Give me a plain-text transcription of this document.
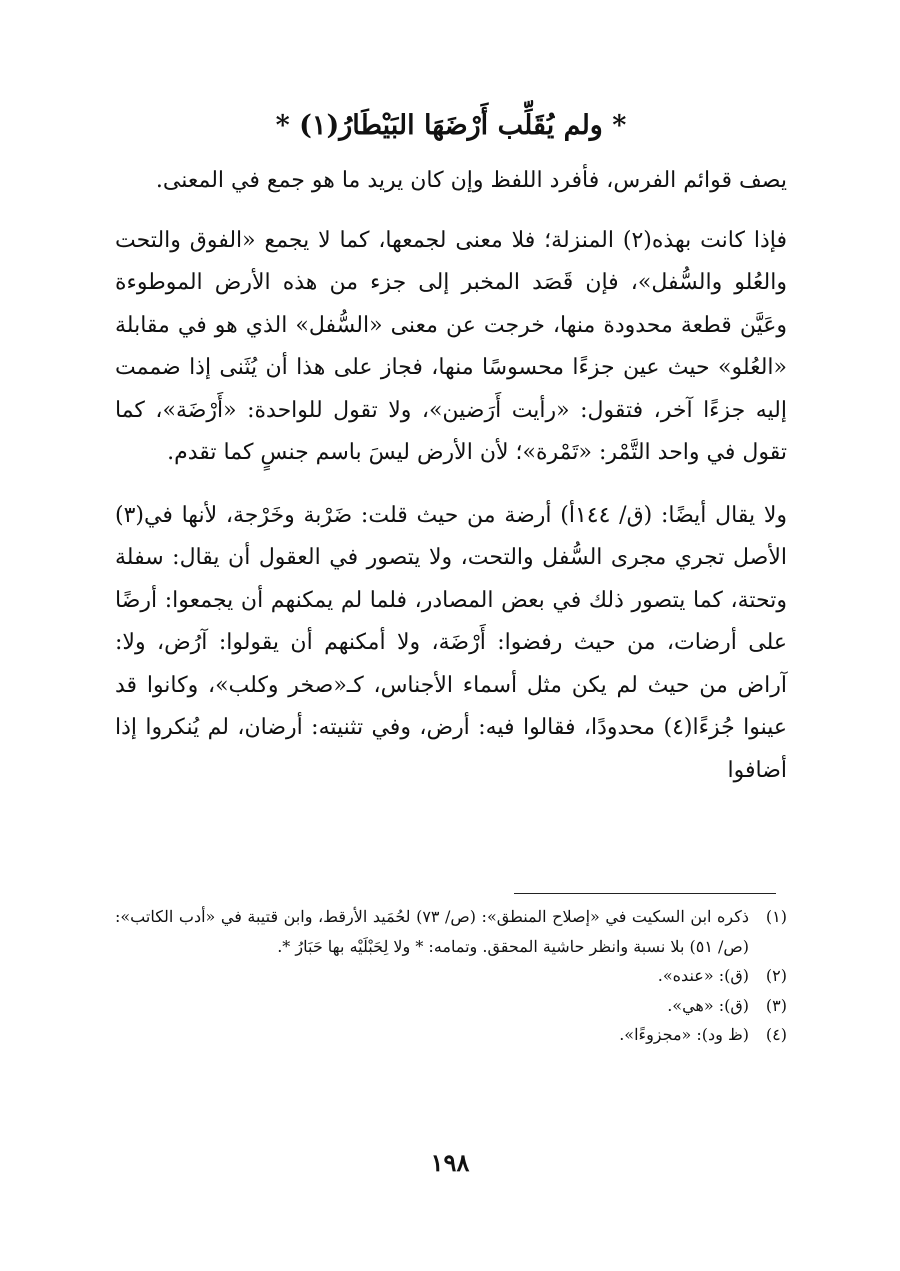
* ولم يُقَلِّب أَرْضَهَا البَيْطَارُ(١) *

يصف قوائم الفرس، فأفرد اللفظ وإن كان يريد ما هو جمع في المعنى.

فإذا كانت بهذه(٢) المنزلة؛ فلا معنى لجمعها، كما لا يجمع «الفوق والتحت والعُلو والسُّفل»، فإن قَصَد المخبر إلى جزء من هذه الأرض الموطوءة وعَيَّن قطعة محدودة منها، خرجت عن معنى «السُّفل» الذي هو في مقابلة «العُلو» حيث عين جزءًا محسوسًا منها، فجاز على هذا أن يُثَنى إذا ضممت إليه جزءًا آخر، فتقول: «رأيت أَرَضين»، ولا تقول للواحدة: «أَرْضَة»، كما تقول في واحد التَّمْر: «تَمْرة»؛ لأن الأرض ليسَ باسم جنسٍ كما تقدم.

ولا يقال أيضًا: (ق/ ١٤٤أ) أرضة من حيث قلت: ضَرْبة وخَرْجة، لأنها في(٣) الأصل تجري مجرى السُّفل والتحت، ولا يتصور في العقول أن يقال: سفلة وتحتة، كما يتصور ذلك في بعض المصادر، فلما لم يمكنهم أن يجمعوا: أرضًا على أرضات، من حيث رفضوا: أَرْضَة، ولا أمكنهم أن يقولوا: آرُض، ولا: آراض من حيث لم يكن مثل أسماء الأجناس، كـ«صخر وكلب»، وكانوا قد عينوا جُزءًا(٤) محدودًا، فقالوا فيه: أرض، وفي تثنيته: أرضان، لم يُنكروا إذا أضافوا

(١)
ذكره ابن السكيت في «إصلاح المنطق»: (ص/ ٧٣) لحُمَيد الأرقط، وابن قتيبة في «أدب الكاتب»: (ص/ ٥١) بلا نسبة وانظر حاشية المحقق. وتمامه: * ولا لِحَبْلَيْه بها حَبَارُ *.
(٢)
(ق): «عنده».
(٣)
(ق): «هي».
(٤)
(ظ ود): «مجزوءًا».
١٩٨
